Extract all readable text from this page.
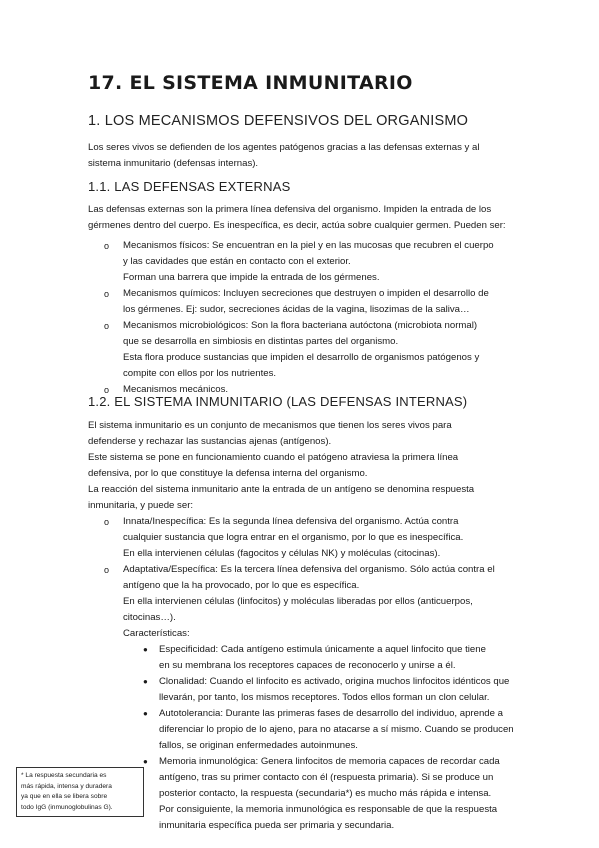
17. EL SISTEMA INMUNITARIO
1. LOS MECANISMOS DEFENSIVOS DEL ORGANISMO
Los seres vivos se defienden de los agentes patógenos gracias a las defensas externas y al
sistema inmunitario (defensas internas).
1.1. LAS DEFENSAS EXTERNAS
Las defensas externas son la primera línea defensiva del organismo. Impiden la entrada de los
gérmenes dentro del cuerpo. Es inespecífica, es decir, actúa sobre cualquier germen. Pueden ser:
o Mecanismos físicos: Se encuentran en la piel y en las mucosas que recubren el cuerpo
y las cavidades que están en contacto con el exterior.
Forman una barrera que impide la entrada de los gérmenes.
o Mecanismos químicos: Incluyen secreciones que destruyen o impiden el desarrollo de
los gérmenes. Ej: sudor, secreciones ácidas de la vagina, lisozimas de la saliva…
o Mecanismos microbiológicos: Son la flora bacteriana autóctona (microbiota normal)
que se desarrolla en simbiosis en distintas partes del organismo.
Esta flora produce sustancias que impiden el desarrollo de organismos patógenos y
compite con ellos por los nutrientes.
o Mecanismos mecánicos.
1.2. EL SISTEMA INMUNITARIO (LAS DEFENSAS INTERNAS)
El sistema inmunitario es un conjunto de mecanismos que tienen los seres vivos para
defenderse y rechazar las sustancias ajenas (antígenos).
Este sistema se pone en funcionamiento cuando el patógeno atraviesa la primera línea
defensiva, por lo que constituye la defensa interna del organismo.
La reacción del sistema inmunitario ante la entrada de un antígeno se denomina respuesta
inmunitaria, y puede ser:
o Innata/Inespecífica: Es la segunda línea defensiva del organismo. Actúa contra
cualquier sustancia que logra entrar en el organismo, por lo que es inespecífica.
En ella intervienen células (fagocitos y células NK) y moléculas (citocinas).
o Adaptativa/Específica: Es la tercera línea defensiva del organismo. Sólo actúa contra el
antígeno que la ha provocado, por lo que es específica.
En ella intervienen células (linfocitos) y moléculas liberadas por ellos (anticuerpos,
citocinas…).
Características:
● Especificidad: Cada antígeno estimula únicamente a aquel linfocito que tiene
en su membrana los receptores capaces de reconocerlo y unirse a él.
● Clonalidad: Cuando el linfocito es activado, origina muchos linfocitos idénticos que
llevarán, por tanto, los mismos receptores. Todos ellos forman un clon celular.
● Autotolerancia: Durante las primeras fases de desarrollo del individuo, aprende a
diferenciar lo propio de lo ajeno, para no atacarse a sí mismo. Cuando se producen
fallos, se originan enfermedades autoinmunes.
● Memoria inmunológica: Genera linfocitos de memoria capaces de recordar cada
antígeno, tras su primer contacto con él (respuesta primaria). Si se produce un
posterior contacto, la respuesta (secundaria*) es mucho más rápida e intensa.
Por consiguiente, la memoria inmunológica es responsable de que la respuesta
inmunitaria específica pueda ser primaria y secundaria.
* La respuesta secundaria es
más rápida, intensa y duradera
ya que en ella se libera sobre
todo IgG (inmunoglobulinas G).
